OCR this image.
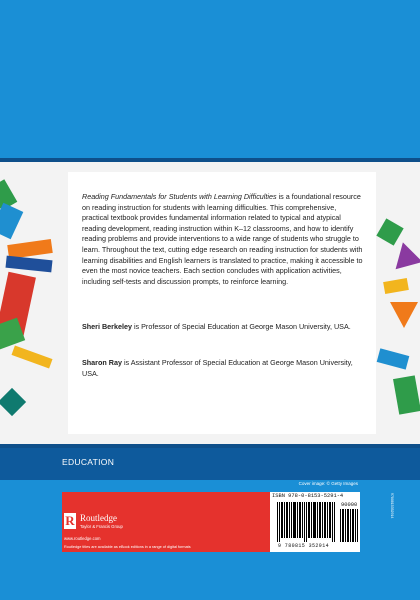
Reading Fundamentals for Students with Learning Difficulties is a foundational resource on reading instruction for students with learning difficulties. This comprehensive, practical textbook provides fundamental information related to typical and atypical reading development, reading instruction within K–12 classrooms, and how to identify reading problems and provide interventions to a wide range of students who struggle to learn. Throughout the text, cutting edge research on reading instruction for students with learning disabilities and English learners is translated to practice, making it accessible to even the most novice teachers. Each section concludes with application activities, including self-tests and discussion prompts, to reinforce learning.

Sheri Berkeley is Professor of Special Education at George Mason University, USA.

Sharon Ray is Assistant Professor of Special Education at George Mason University, USA.

EDUCATION
Cover image: © Getty Images
R Routledge
Taylor & Francis Group
www.routledge.com
Routledge titles are available as eBook editions in a range of digital formats
ISBN 978-0-8153-5291-4
90000
9 780815 352914
9780815352914
